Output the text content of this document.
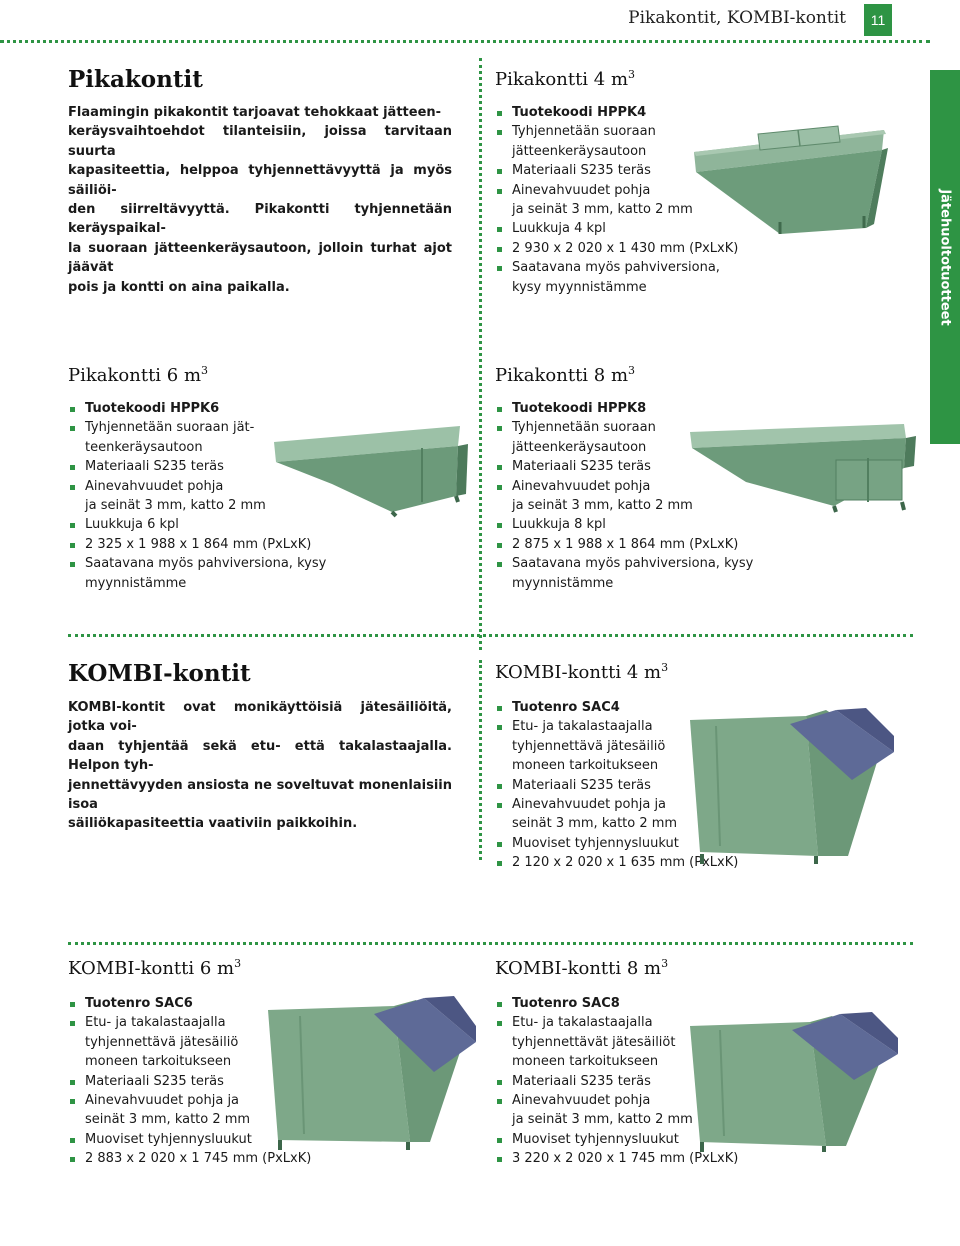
Pikakontit, KOMBI-kontit	11
Jätehuoltotuotteet
Pikakontit
Flaamingin pikakontit tarjoavat tehokkaat jätteen-
keräysvaihtoehdot tilanteisiin, joissa tarvitaan suurta
kapasiteettia, helppoa tyhjennettävyyttä ja myös säiliöi-
den siirreltävyyttä. Pikakontti tyhjennetään keräyspaikal-
la suoraan jätteenkeräysautoon, jolloin turhat ajot jäävät
pois ja kontti on aina paikalla.
Pikakontti 4 $m^3$
Tuotekoodi HPPK4
Tyhjennetään suoraan
jätteenkeräysautoon
Materiaali S235 teräs
Ainevahvuudet pohja
ja seinät 3 mm, katto 2 mm
Luukkuja 4 kpl
2 930 x 2 020 x 1 430 mm (PxLxK)
Saatavana myös pahviversiona,
kysy myynnistämme
Pikakontti 6 $m^3$
Tuotekoodi HPPK6
Tyhjennetään suoraan jät-
teenkeräysautoon
Materiaali S235 teräs
Ainevahvuudet pohja
ja seinät 3 mm, katto 2 mm
Luukkuja 6 kpl
2 325 x 1 988 x 1 864 mm (PxLxK)
Saatavana myös pahviversiona, kysy
myynnistämme
Pikakontti 8 $m^3$
Tuotekoodi HPPK8
Tyhjennetään suoraan
jätteenkeräysautoon
Materiaali S235 teräs
Ainevahvuudet pohja
ja seinät 3 mm, katto 2 mm
Luukkuja 8 kpl
2 875 x 1 988 x 1 864 mm (PxLxK)
Saatavana myös pahviversiona, kysy
myynnistämme
KOMBI-kontit
KOMBI-kontit ovat monikäyttöisiä jätesäiliöitä, jotka voi-
daan tyhjentää sekä etu- että takalastaajalla. Helpon tyh-
jennettävyyden ansiosta ne soveltuvat monenlaisiin isoa
säiliökapasiteettia vaativiin paikkoihin.
KOMBI-kontti 4 $m^3$
Tuotenro SAC4
Etu- ja takalastaajalla
tyhjennettävä jätesäiliö
moneen tarkoitukseen
Materiaali S235 teräs
Ainevahvuudet pohja ja
seinät 3 mm, katto 2 mm
Muoviset tyhjennysluukut
2 120 x 2 020 x 1 635 mm (PxLxK)
KOMBI-kontti 6 $m^3$
Tuotenro SAC6
Etu- ja takalastaajalla
tyhjennettävä jätesäiliö
moneen tarkoitukseen
Materiaali S235 teräs
Ainevahvuudet pohja ja
seinät 3 mm, katto 2 mm
Muoviset tyhjennysluukut
2 883 x 2 020 x 1 745 mm (PxLxK)
KOMBI-kontti 8 $m^3$
Tuotenro SAC8
Etu- ja takalastaajalla
tyhjennettävät jätesäiliöt
moneen tarkoitukseen
Materiaali S235 teräs
Ainevahvuudet pohja
ja seinät 3 mm, katto 2 mm
Muoviset tyhjennysluukut
3 220 x 2 020 x 1 745 mm (PxLxK)
